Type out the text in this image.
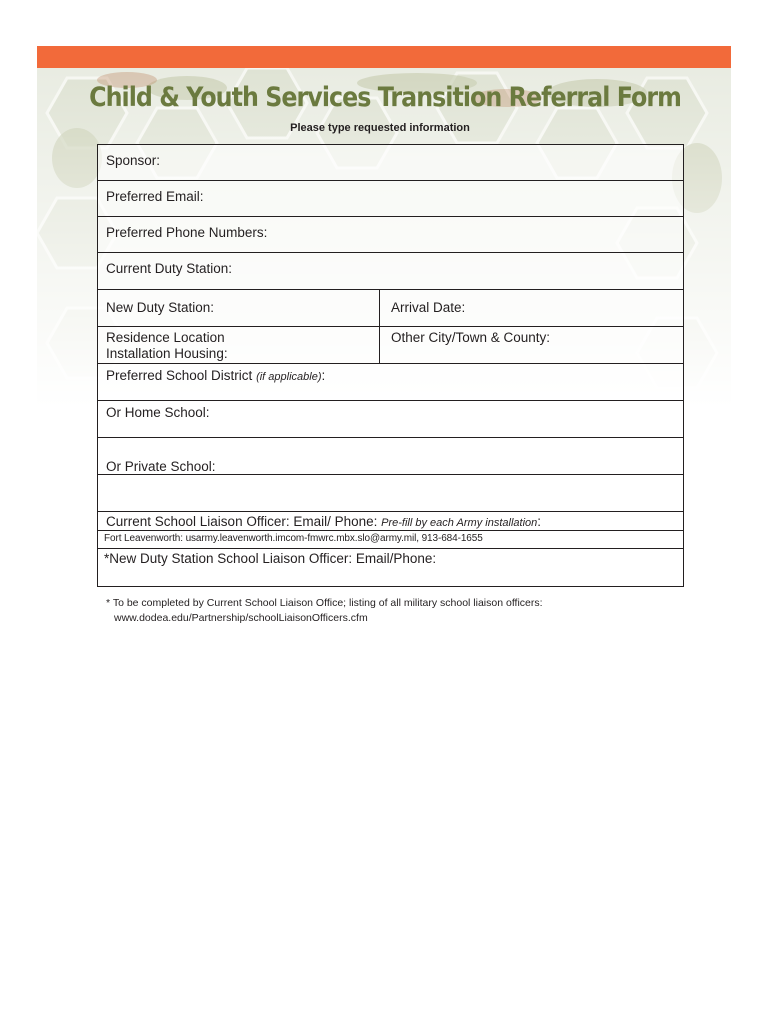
Child & Youth Services Transition Referral Form
Please type requested information
Sponsor:
Preferred Email:
Preferred Phone Numbers:
Current Duty Station:
New Duty Station:	Arrival Date:
Residence Location
Installation Housing:
Other City/Town & County:
Preferred School District (if applicable):
Or Home School:
Or Private School:
Current School Liaison Officer: Email/ Phone: Pre-fill by each Army installation:
Fort Leavenworth: usarmy.leavenworth.imcom-fmwrc.mbx.slo@army.mil, 913-684-1655
*New Duty Station School Liaison Officer: Email/Phone:
* To be completed by Current School Liaison Office; listing of all military school liaison officers:
www.dodea.edu/Partnership/schoolLiaisonOfficers.cfm
